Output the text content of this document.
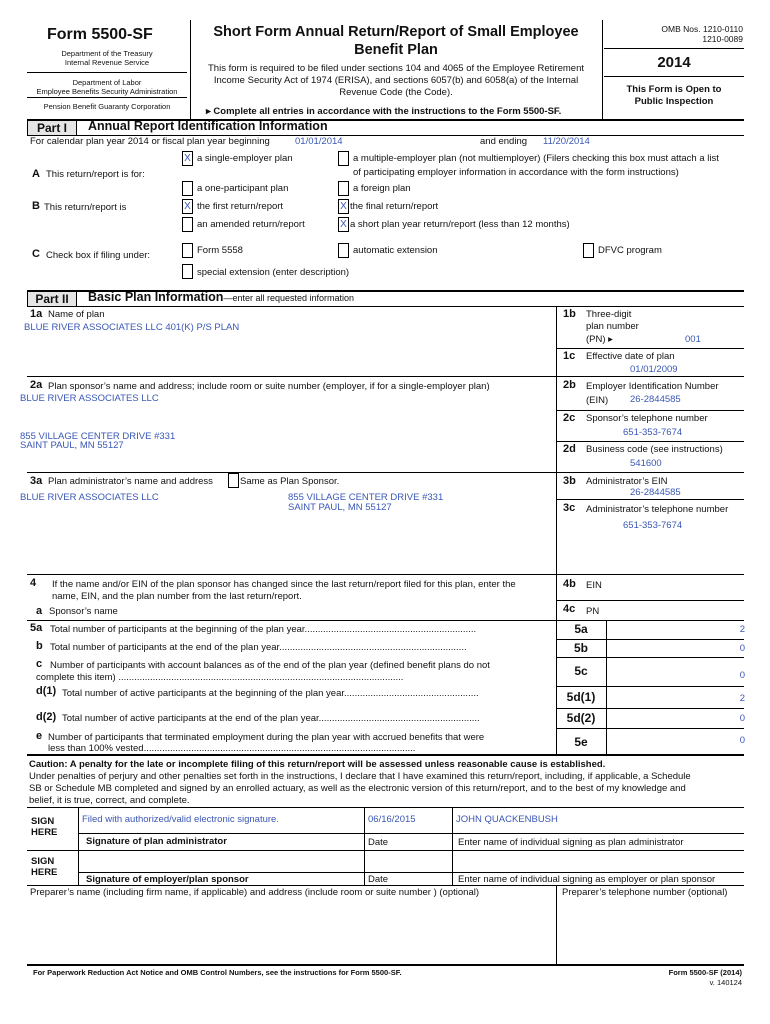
Form 5500-SF
Department of the Treasury
Internal Revenue Service
Department of Labor
Employee Benefits Security Administration
Pension Benefit Guaranty Corporation
Short Form Annual Return/Report of Small Employee
Benefit Plan
This form is required to be filed under sections 104 and 4065 of the Employee Retirement
Income Security Act of 1974 (ERISA), and sections 6057(b) and 6058(a) of the Internal
Revenue Code (the Code).
▸ Complete all entries in accordance with the instructions to the Form 5500-SF.
OMB Nos. 1210-0110
1210-0089
2014
This Form is Open to
Public Inspection
Part I	Annual Report Identification Information
For calendar plan year 2014 or fiscal plan year beginning	01/01/2014	and ending 11/20/2014
A This return/report is for:
X a single-employer plan	a multiple-employer plan (not multiemployer) (Filers checking this box must attach a list
of participating employer information in accordance with the form instructions)
a one-participant plan	a foreign plan
B This return/report is	X the first return/report	X the final return/report
an amended return/report	X a short plan year return/report (less than 12 months)
C Check box if filing under:	Form 5558	automatic extension	DFVC program
special extension (enter description)
Part II	Basic Plan Information—enter all requested information
1a Name of plan
BLUE RIVER ASSOCIATES LLC 401(K) P/S PLAN
1b Three-digit
plan number
(PN) ▸	001
1c Effective date of plan
01/01/2009
2a Plan sponsor’s name and address; include room or suite number (employer, if for a single-employer plan)
BLUE RIVER ASSOCIATES LLC
855 VILLAGE CENTER DRIVE #331
SAINT PAUL, MN 55127
2b Employer Identification Number
(EIN) 26-2844585
2c Sponsor’s telephone number
651-353-7674
2d Business code (see instructions)
541600
3a Plan administrator’s name and address	Same as Plan Sponsor.
BLUE RIVER ASSOCIATES LLC	855 VILLAGE CENTER DRIVE #331
SAINT PAUL, MN 55127
3b Administrator’s EIN
26-2844585
3c Administrator’s telephone number
651-353-7674
4 If the name and/or EIN of the plan sponsor has changed since the last return/report filed for this plan, enter the
name, EIN, and the plan number from the last return/report.
a Sponsor’s name
4b EIN
4c PN
5a Total number of participants at the beginning of the plan year.................................................................	5a	2
b Total number of participants at the end of the plan year.......................................................................	5b	0
c Number of participants with account balances as of the end of the plan year (defined benefit plans do not
complete this item) ............................................................................................................	5c	0
d(1) Total number of active participants at the beginning of the plan year...................................................	5d(1)	2
d(2) Total number of active participants at the end of the plan year.............................................................	5d(2)	0
e Number of participants that terminated employment during the plan year with accrued benefits that were
less than 100% vested.......................................................................................................	5e	0
Caution: A penalty for the late or incomplete filing of this return/report will be assessed unless reasonable cause is established.
Under penalties of perjury and other penalties set forth in the instructions, I declare that I have examined this return/report, including, if applicable, a Schedule
SB or Schedule MB completed and signed by an enrolled actuary, as well as the electronic version of this return/report, and to the best of my knowledge and
belief, it is true, correct, and complete.
SIGN
HERE
Filed with authorized/valid electronic signature.	06/16/2015	JOHN QUACKENBUSH
Signature of plan administrator	Date	Enter name of individual signing as plan administrator
SIGN
HERE
Signature of employer/plan sponsor	Date	Enter name of individual signing as employer or plan sponsor
Preparer’s name (including firm name, if applicable) and address (include room or suite number ) (optional)	Preparer’s telephone number (optional)
For Paperwork Reduction Act Notice and OMB Control Numbers, see the instructions for Form 5500-SF.	Form 5500-SF (2014)
v. 140124
